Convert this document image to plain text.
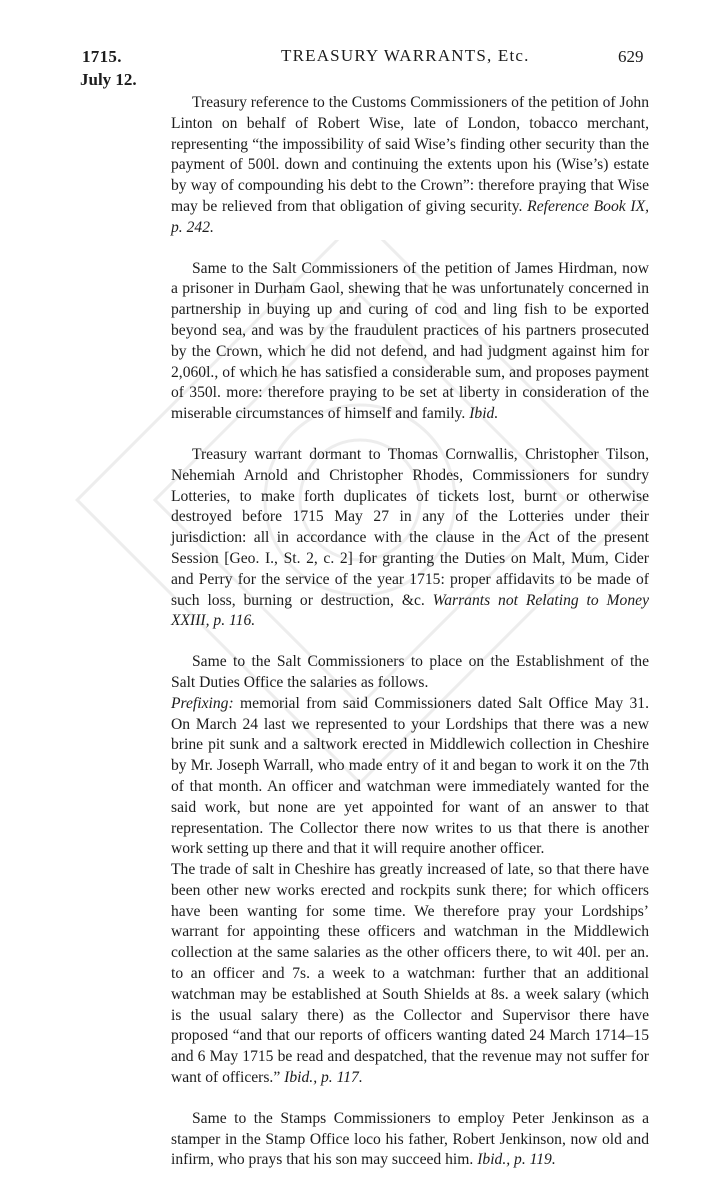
1715.	TREASURY WARRANTS, Etc.	629
July 12.

Treasury reference to the Customs Commissioners of the petition of John Linton on behalf of Robert Wise, late of London, tobacco merchant, representing “the impossibility of said Wise’s finding other security than the payment of 500l. down and continuing the extents upon his (Wise’s) estate by way of compounding his debt to the Crown”: therefore praying that Wise may be relieved from that obligation of giving security. Reference Book IX, p. 242.

Same to the Salt Commissioners of the petition of James Hirdman, now a prisoner in Durham Gaol, shewing that he was unfortunately concerned in partnership in buying up and curing of cod and ling fish to be exported beyond sea, and was by the fraudulent practices of his partners prosecuted by the Crown, which he did not defend, and had judgment against him for 2,060l., of which he has satisfied a considerable sum, and proposes payment of 350l. more: therefore praying to be set at liberty in consideration of the miserable circumstances of himself and family. Ibid.

Treasury warrant dormant to Thomas Cornwallis, Christopher Tilson, Nehemiah Arnold and Christopher Rhodes, Commissioners for sundry Lotteries, to make forth duplicates of tickets lost, burnt or otherwise destroyed before 1715 May 27 in any of the Lotteries under their jurisdiction: all in accordance with the clause in the Act of the present Session [Geo. I., St. 2, c. 2] for granting the Duties on Malt, Mum, Cider and Perry for the service of the year 1715: proper affidavits to be made of such loss, burning or destruction, &c. Warrants not Relating to Money XXIII, p. 116.

Same to the Salt Commissioners to place on the Establishment of the Salt Duties Office the salaries as follows.

Prefixing: memorial from said Commissioners dated Salt Office May 31. On March 24 last we represented to your Lordships that there was a new brine pit sunk and a saltwork erected in Middlewich collection in Cheshire by Mr. Joseph Warrall, who made entry of it and began to work it on the 7th of that month. An officer and watchman were immediately wanted for the said work, but none are yet appointed for want of an answer to that representation. The Collector there now writes to us that there is another work setting up there and that it will require another officer.

The trade of salt in Cheshire has greatly increased of late, so that there have been other new works erected and rockpits sunk there; for which officers have been wanting for some time. We therefore pray your Lordships’ warrant for appointing these officers and watchman in the Middlewich collection at the same salaries as the other officers there, to wit 40l. per an. to an officer and 7s. a week to a watchman: further that an additional watchman may be established at South Shields at 8s. a week salary (which is the usual salary there) as the Collector and Supervisor there have proposed “and that our reports of officers wanting dated 24 March 1714–15 and 6 May 1715 be read and despatched, that the revenue may not suffer for want of officers.” Ibid., p. 117.

Same to the Stamps Commissioners to employ Peter Jenkinson as a stamper in the Stamp Office loco his father, Robert Jenkinson, now old and infirm, who prays that his son may succeed him. Ibid., p. 119.
